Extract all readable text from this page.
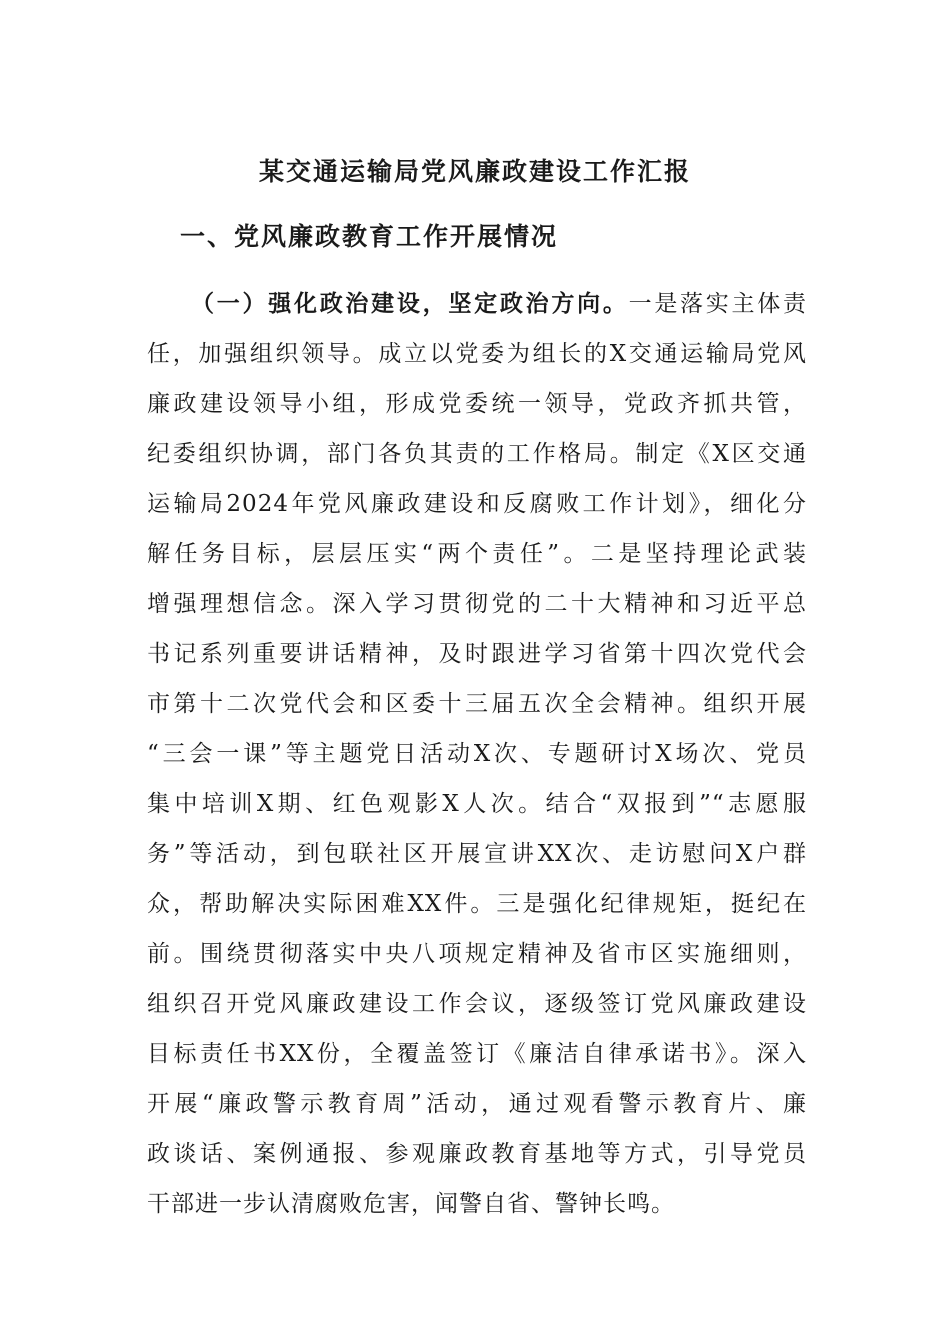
某交通运输局党风廉政建设工作汇报
一、党风廉政教育工作开展情况
（一）强化政治建设，坚定政治方向。一是落实主体责
任，加强组织领导。成立以党委为组长的X交通运输局党风
廉政建设领导小组，形成党委统一领导，党政齐抓共管，
纪委组织协调，部门各负其责的工作格局。制定《X区交通
运输局2024年党风廉政建设和反腐败工作计划》，细化分
解任务目标，层层压实“两个责任”。二是坚持理论武装
增强理想信念。深入学习贯彻党的二十大精神和习近平总
书记系列重要讲话精神，及时跟进学习省第十四次党代会
市第十二次党代会和区委十三届五次全会精神。组织开展
“三会一课”等主题党日活动X次、专题研讨X场次、党员
集中培训X期、红色观影X人次。结合“双报到”“志愿服
务”等活动，到包联社区开展宣讲XX次、走访慰问X户群
众，帮助解决实际困难XX件。三是强化纪律规矩，挺纪在
前。围绕贯彻落实中央八项规定精神及省市区实施细则，
组织召开党风廉政建设工作会议，逐级签订党风廉政建设
目标责任书XX份，全覆盖签订《廉洁自律承诺书》。深入
开展“廉政警示教育周”活动，通过观看警示教育片、廉
政谈话、案例通报、参观廉政教育基地等方式，引导党员
干部进一步认清腐败危害，闻警自省、警钟长鸣。
